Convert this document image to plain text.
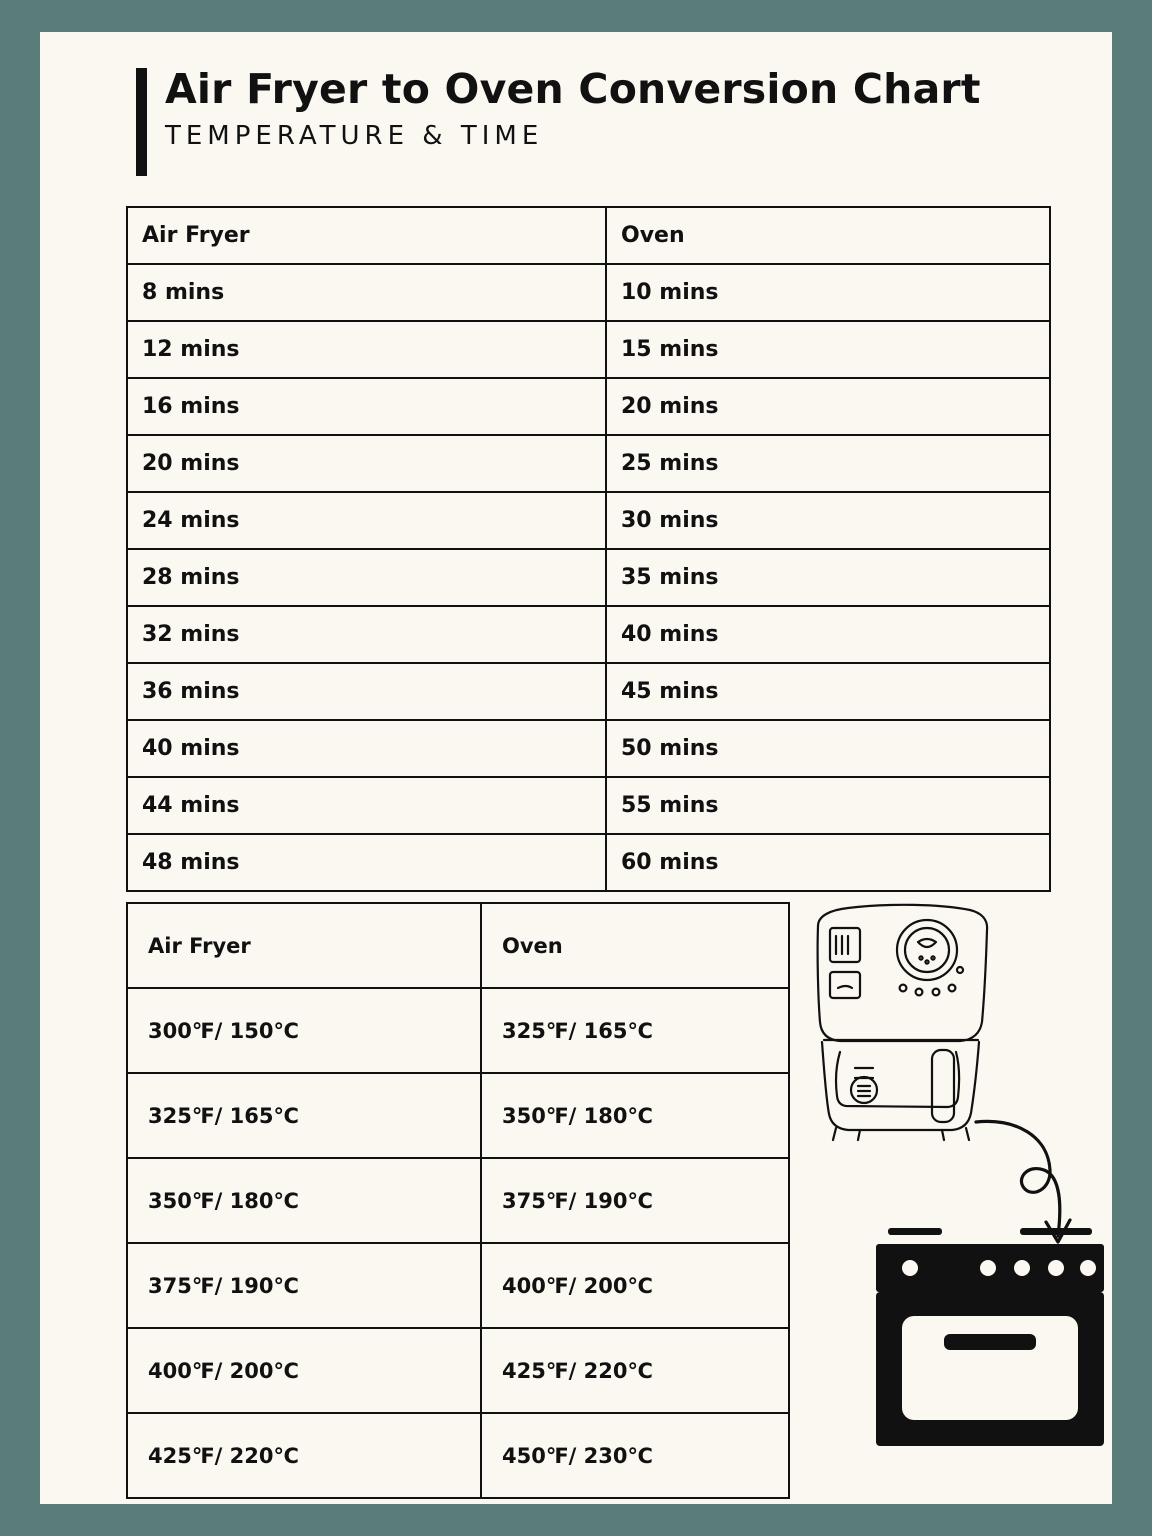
Air Fryer to Oven Conversion Chart
TEMPERATURE & TIME
Air Fryer	Oven
8 mins	10 mins
12 mins	15 mins
16 mins	20 mins
20 mins	25 mins
24 mins	30 mins
28 mins	35 mins
32 mins	40 mins
36 mins	45 mins
40 mins	50 mins
44 mins	55 mins
48 mins	60 mins
Air Fryer	Oven
300℉/ 150℃	325℉/ 165℃
325℉/ 165℃	350℉/ 180℃
350℉/ 180℃	375℉/ 190℃
375℉/ 190℃	400℉/ 200℃
400℉/ 200℃	425℉/ 220℃
425℉/ 220℃	450℉/ 230℃
